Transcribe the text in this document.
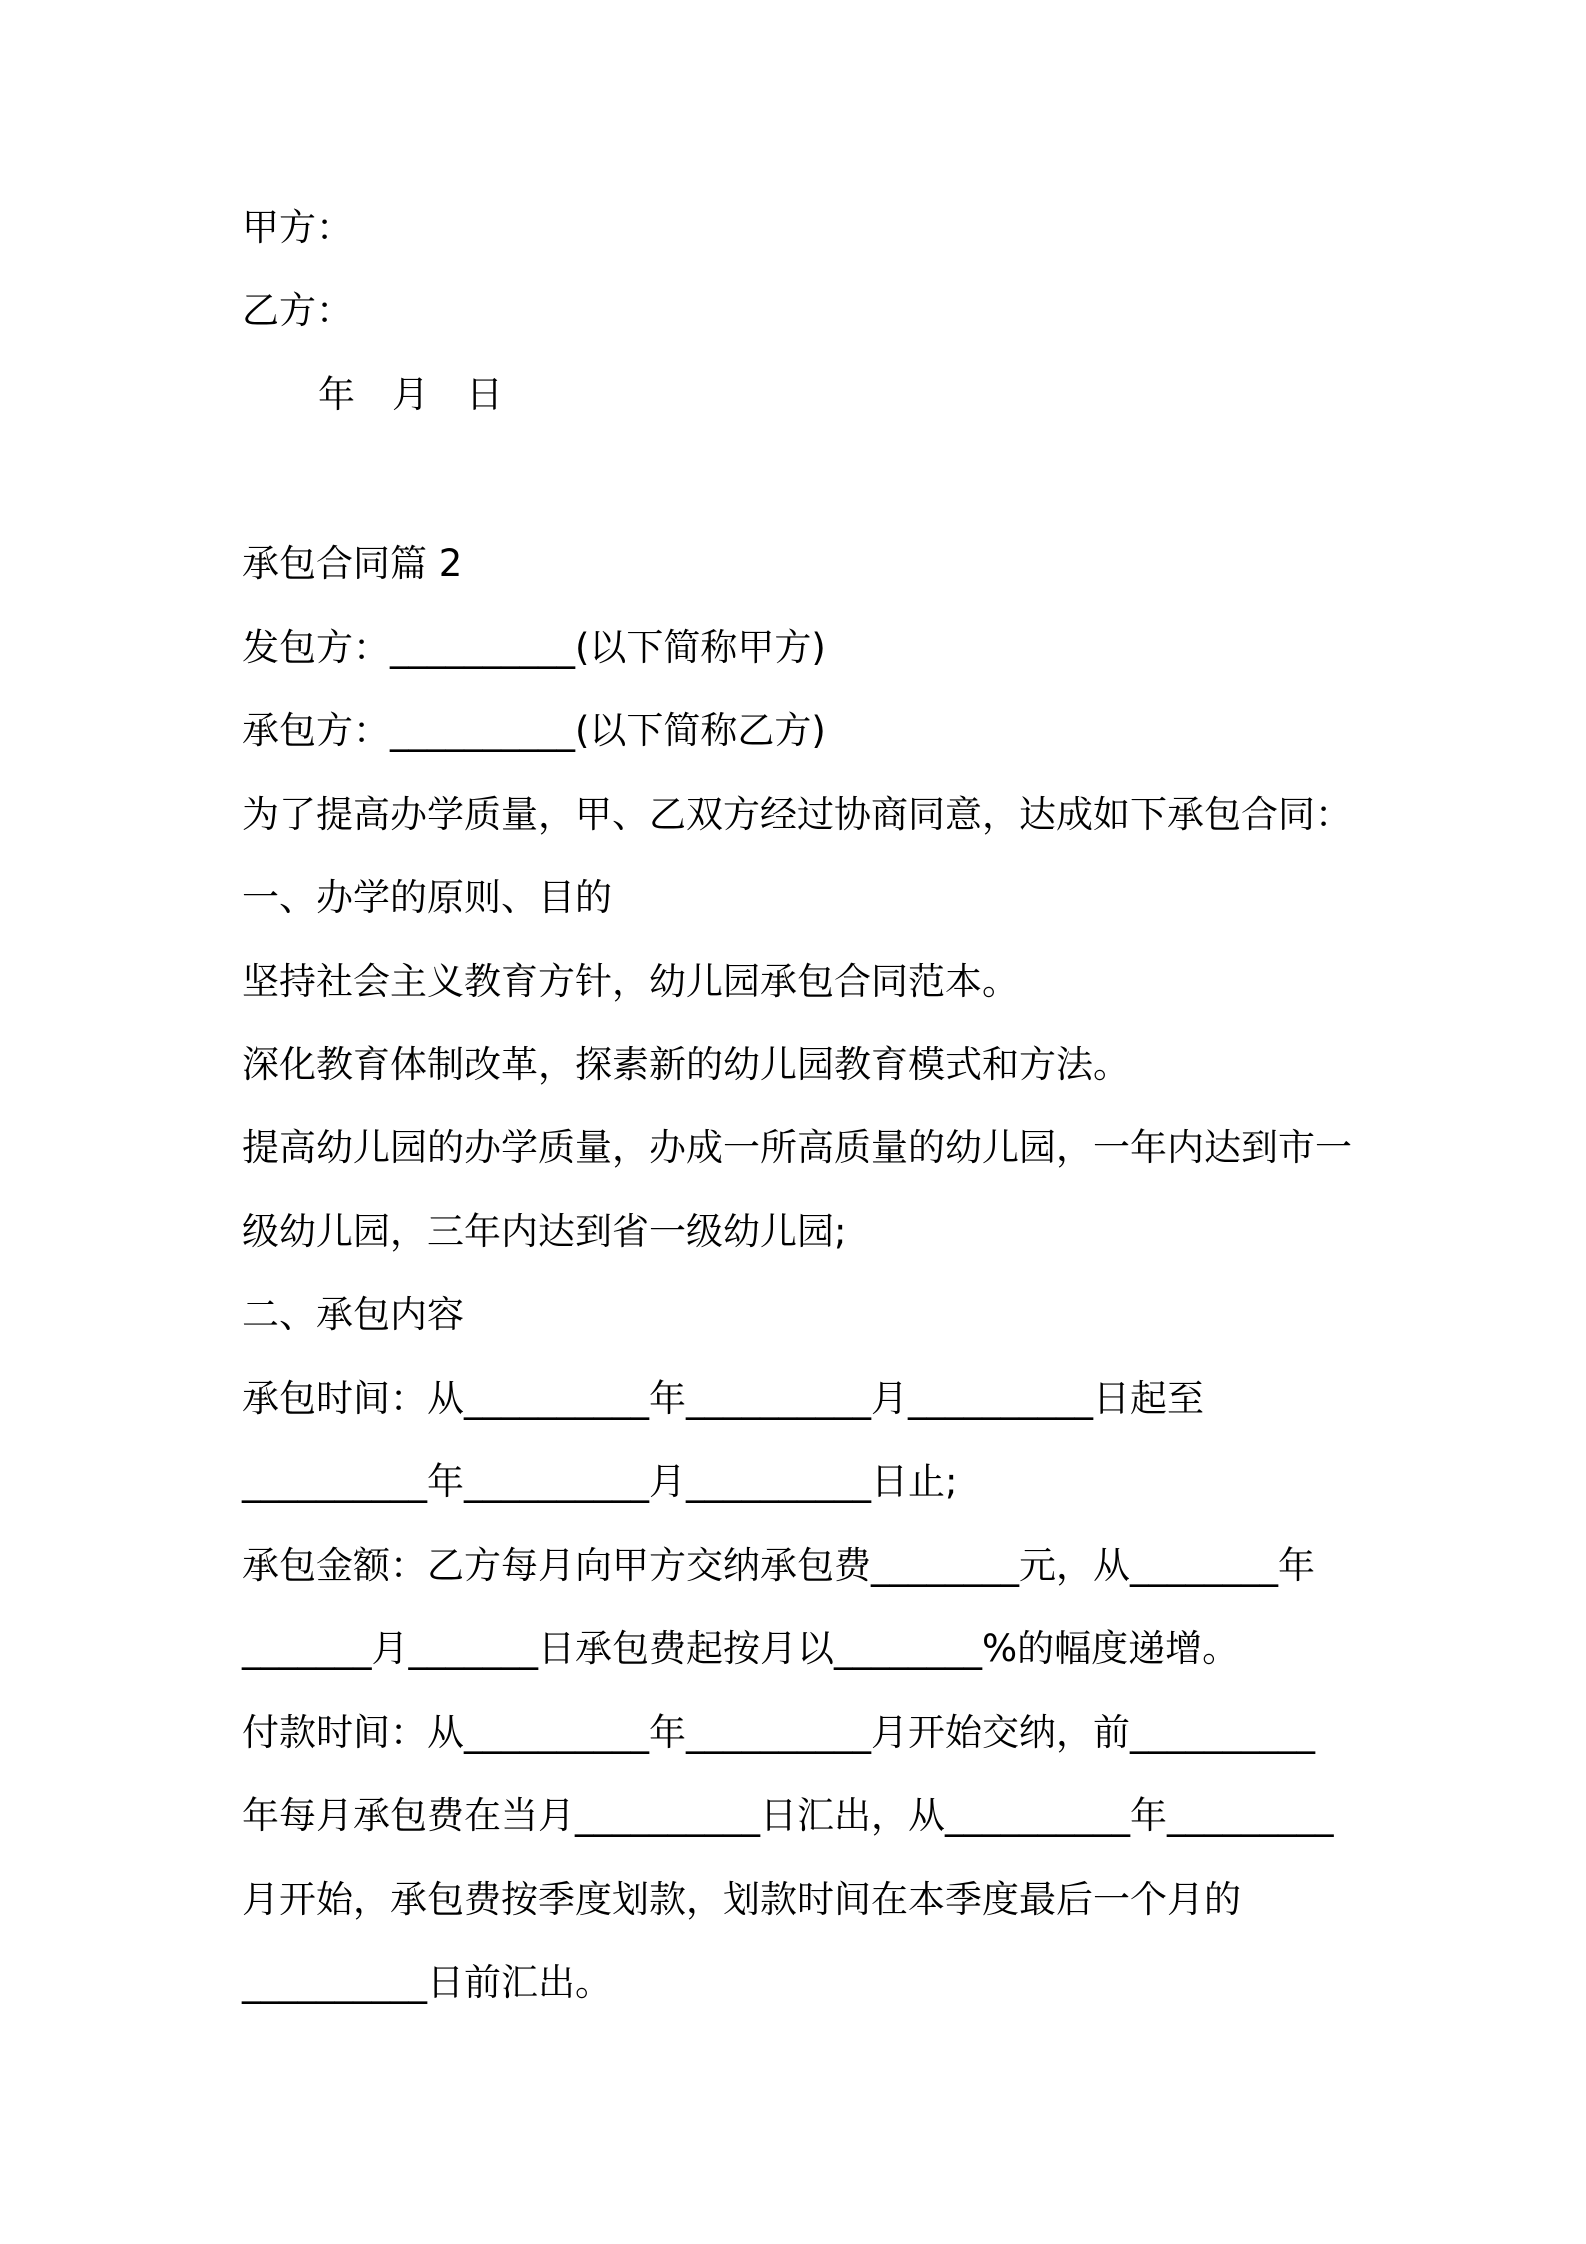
甲方：
乙方：
年　月　日
承包合同篇 2
发包方：__________(以下简称甲方)
承包方：__________(以下简称乙方)
为了提高办学质量，甲、乙双方经过协商同意，达成如下承包合同：
一、办学的原则、目的
坚持社会主义教育方针，幼儿园承包合同范本。
深化教育体制改革，探素新的幼儿园教育模式和方法。
提高幼儿园的办学质量，办成一所高质量的幼儿园，一年内达到市一
级幼儿园，三年内达到省一级幼儿园;
二、承包内容
承包时间：从__________年__________月__________日起至
__________年__________月__________日止;
承包金额：乙方每月向甲方交纳承包费________元，从________年
_______月_______日承包费起按月以________%的幅度递增。
付款时间：从__________年__________月开始交纳，前__________
年每月承包费在当月__________日汇出，从__________年_________
月开始，承包费按季度划款，划款时间在本季度最后一个月的
__________日前汇出。
